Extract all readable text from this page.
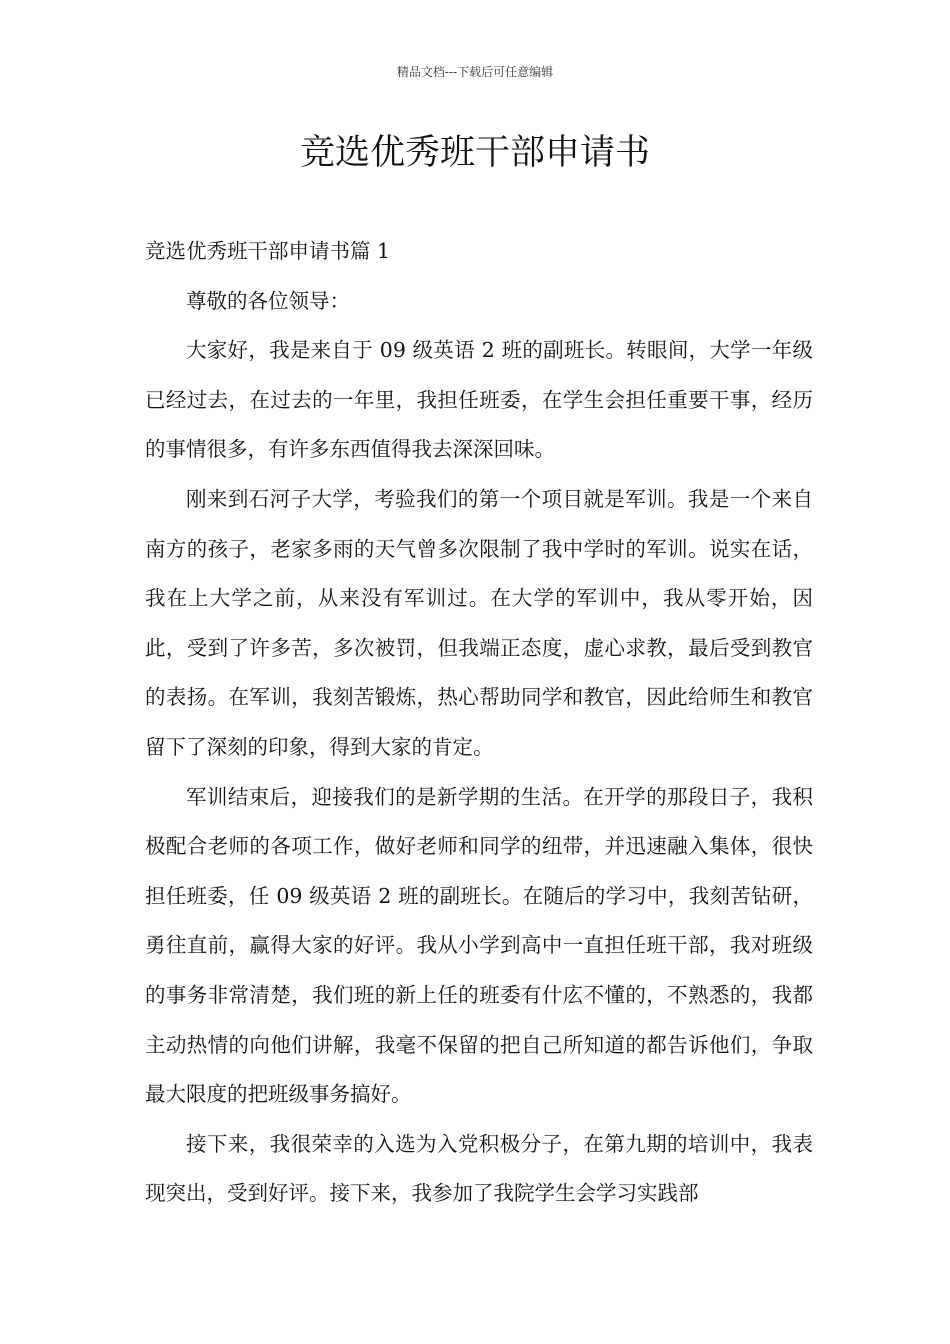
精品文档---下载后可任意编辑
竞选优秀班干部申请书

竞选优秀班干部申请书篇 1

尊敬的各位领导：

大家好，我是来自于 09 级英语 2 班的副班长。转眼间，大学一年级已经过去，在过去的一年里，我担任班委，在学生会担任重要干事，经历的事情很多，有许多东西值得我去深深回味。

刚来到石河子大学，考验我们的第一个项目就是军训。我是一个来自南方的孩子，老家多雨的天气曾多次限制了我中学时的军训。说实在话，我在上大学之前，从来没有军训过。在大学的军训中，我从零开始，因此，受到了许多苦，多次被罚，但我端正态度，虚心求教，最后受到教官的表扬。在军训，我刻苦锻炼，热心帮助同学和教官，因此给师生和教官留下了深刻的印象，得到大家的肯定。

军训结束后，迎接我们的是新学期的生活。在开学的那段日子，我积极配合老师的各项工作，做好老师和同学的纽带，并迅速融入集体，很快担任班委，任 09 级英语 2 班的副班长。在随后的学习中，我刻苦钻研，勇往直前，赢得大家的好评。我从小学到高中一直担任班干部，我对班级的事务非常清楚，我们班的新上任的班委有什庅不懂的，不熟悉的，我都主动热情的向他们讲解，我毫不保留的把自己所知道的都告诉他们，争取最大限度的把班级事务搞好。

接下来，我很荣幸的入选为入党积极分子，在第九期的培训中，我表现突出，受到好评。接下来，我参加了我院学生会学习实践部
